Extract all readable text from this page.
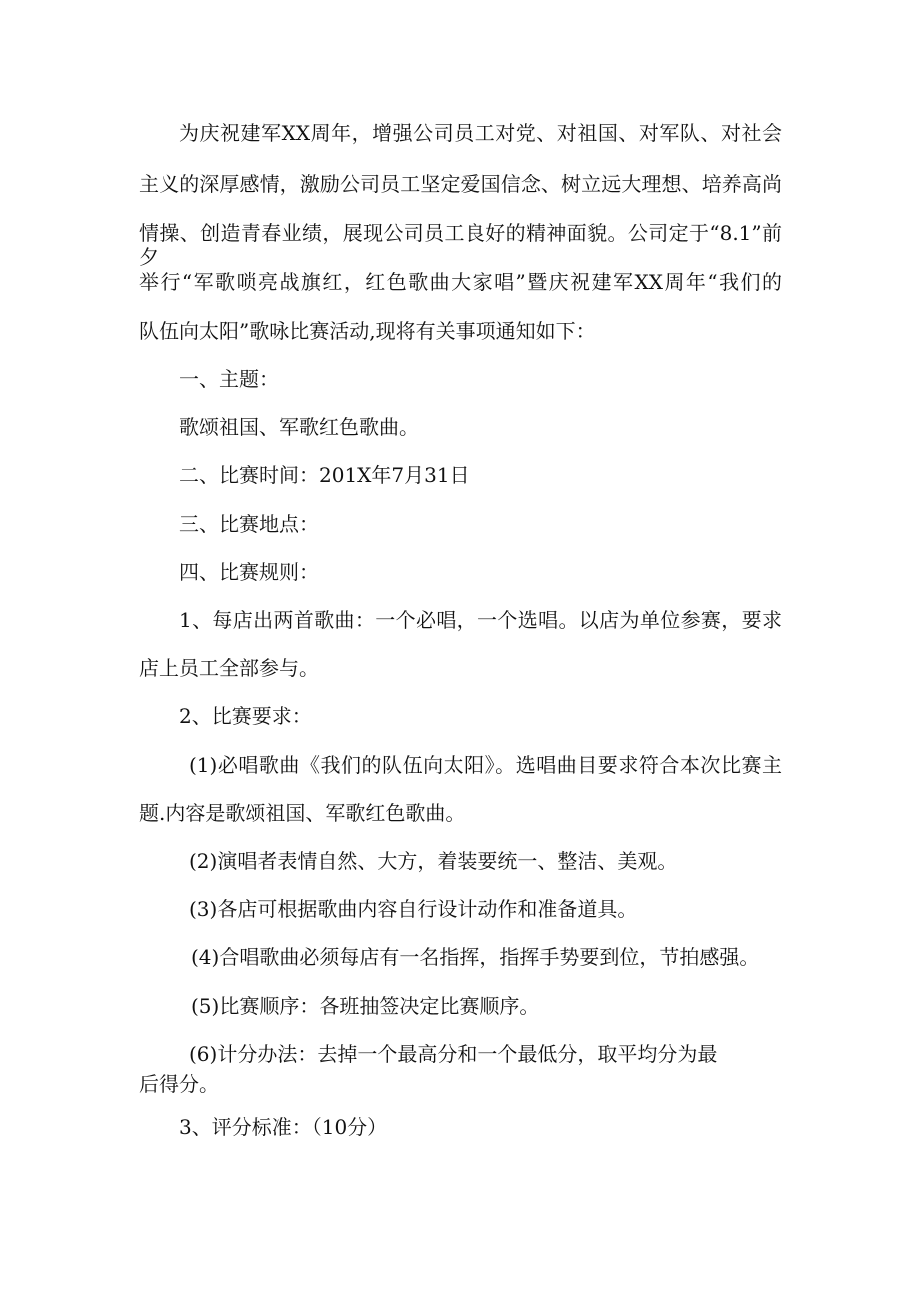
为庆祝建军XX周年，增强公司员工对党、对祖国、对军队、对社会
主义的深厚感情，激励公司员工坚定爱国信念、树立远大理想、培养高尚
情操、创造青春业绩，展现公司员工良好的精神面貌。公司定于“8.1”前夕
举行“军歌唢亮战旗红，红色歌曲大家唱”暨庆祝建军XX周年“我们的
队伍向太阳”歌咏比赛活动,现将有关事项通知如下：
一、主题：
歌颂祖国、军歌红色歌曲。
二、比赛时间：201X年7月31日
三、比赛地点：
四、比赛规则：
1、每店出两首歌曲：一个必唱，一个选唱。以店为单位参赛，要求
店上员工全部参与。
2、比赛要求：
(1)必唱歌曲《我们的队伍向太阳》。选唱曲目要求符合本次比赛主
题.内容是歌颂祖国、军歌红色歌曲。
(2)演唱者表情自然、大方，着装要统一、整洁、美观。
(3)各店可根据歌曲内容自行设计动作和准备道具。
(4)合唱歌曲必须每店有一名指挥，指挥手势要到位，节拍感强。
(5)比赛顺序：各班抽签决定比赛顺序。
(6)计分办法：去掉一个最高分和一个最低分，取平均分为最
后得分。
3、评分标准：（10分）
